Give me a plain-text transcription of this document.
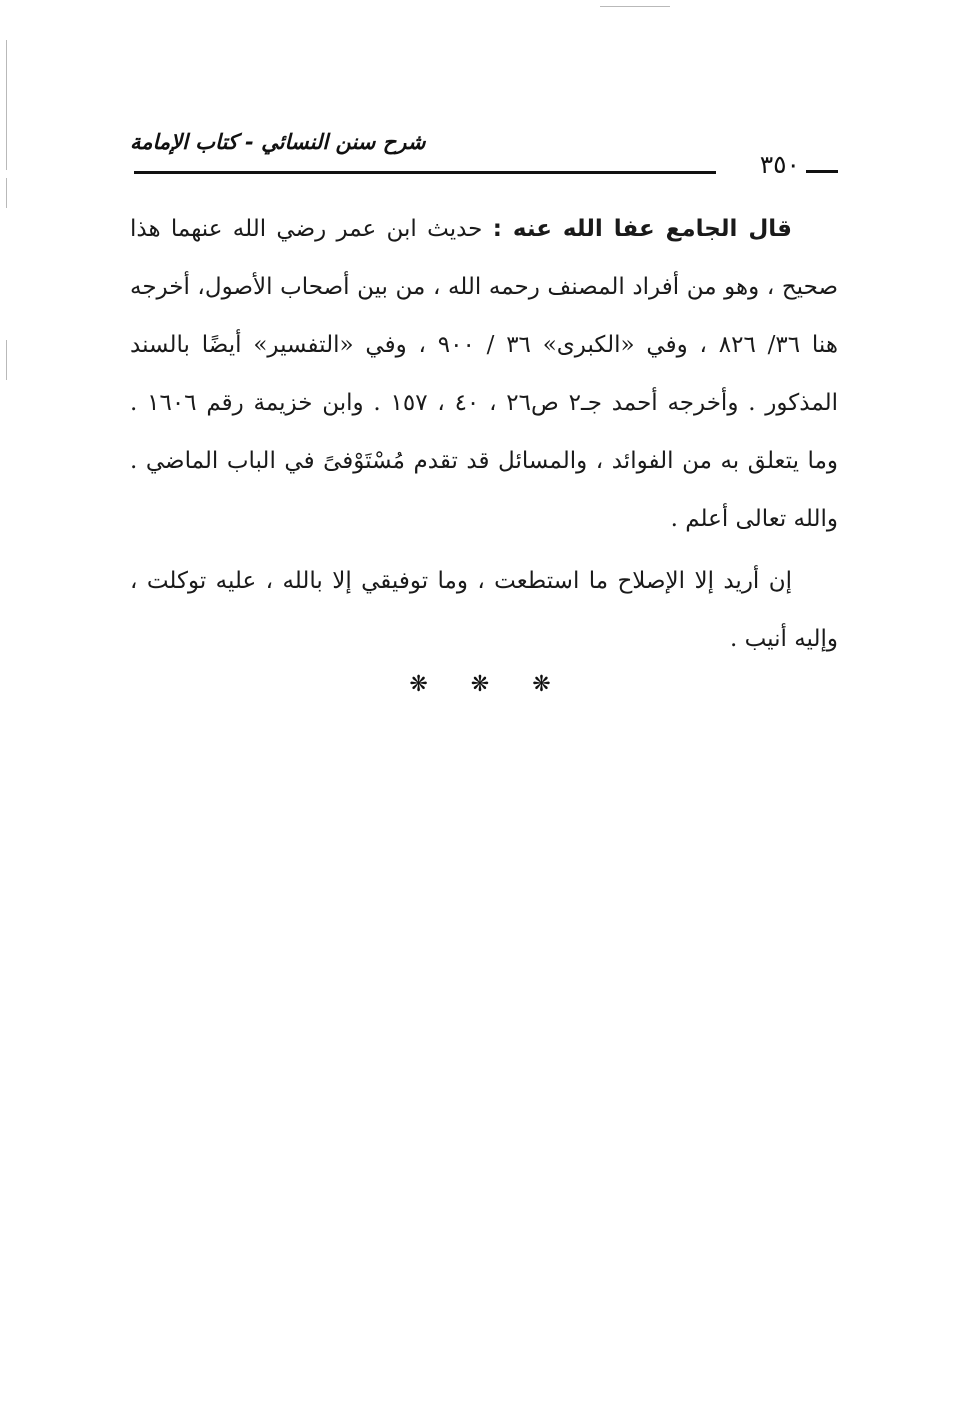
شرح سنن النسائي - كتاب الإمامة
٣٥٠

قال الجامع عفا الله عنه : حديث ابن عمر رضي الله عنهما هذا صحيح ، وهو من أفراد المصنف رحمه الله ، من بين أصحاب الأصول، أخرجه هنا ٣٦/ ٨٢٦ ، وفي «الكبرى» ٣٦ / ٩٠٠ ، وفي «التفسير» أيضًا بالسند المذكور . وأخرجه أحمد جـ٢ ص٢٦ ، ٤٠ ، ١٥٧ . وابن خزيمة رقم ١٦٠٦ . وما يتعلق به من الفوائد ، والمسائل قد تقدم مُسْتَوْفىً في الباب الماضي . والله تعالى أعلم .

إن أريد إلا الإصلاح ما استطعت ، وما توفيقي إلا بالله ، عليه توكلت ، وإليه أنيب .

❋ ❋ ❋
